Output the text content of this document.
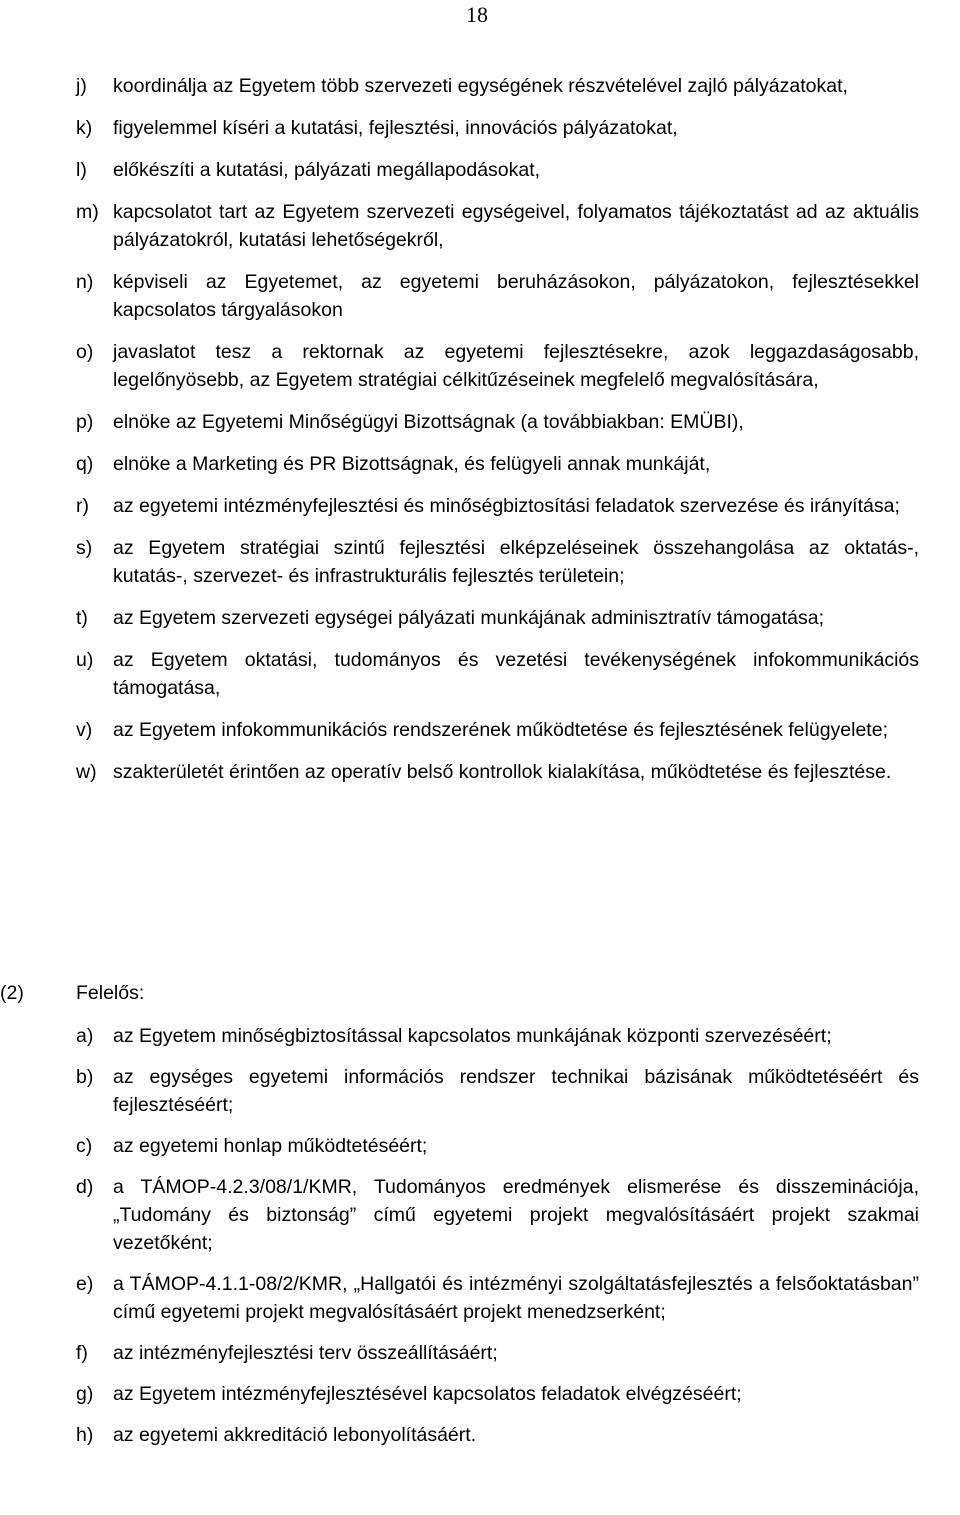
18
j) koordinálja az Egyetem több szervezeti egységének részvételével zajló pályázatokat,
k) figyelemmel kíséri a kutatási, fejlesztési, innovációs pályázatokat,
l) előkészíti a kutatási, pályázati megállapodásokat,
m) kapcsolatot tart az Egyetem szervezeti egységeivel, folyamatos tájékoztatást ad az aktuális pályázatokról, kutatási lehetőségekről,
n) képviseli az Egyetemet, az egyetemi beruházásokon, pályázatokon, fejlesztésekkel kapcsolatos tárgyalásokon
o) javaslatot tesz a rektornak az egyetemi fejlesztésekre, azok leggazdaságosabb, legelőnyösebb, az Egyetem stratégiai célkitűzéseinek megfelelő megvalósítására,
p) elnöke az Egyetemi Minőségügyi Bizottságnak (a továbbiakban: EMÜBI),
q) elnöke a Marketing és PR Bizottságnak, és felügyeli annak munkáját,
r) az egyetemi intézményfejlesztési és minőségbiztosítási feladatok szervezése és irányítása;
s) az Egyetem stratégiai szintű fejlesztési elképzeléseinek összehangolása az oktatás-, kutatás-, szervezet- és infrastrukturális fejlesztés területein;
t) az Egyetem szervezeti egységei pályázati munkájának adminisztratív támogatása;
u) az Egyetem oktatási, tudományos és vezetési tevékenységének infokommunikációs támogatása,
v) az Egyetem infokommunikációs rendszerének működtetése és fejlesztésének felügyelete;
w) szakterületét érintően az operatív belső kontrollok kialakítása, működtetése és fejlesztése.
(2)	Felelős:
a) az Egyetem minőségbiztosítással kapcsolatos munkájának központi szervezéséért;
b) az egységes egyetemi információs rendszer technikai bázisának működtetéséért és fejlesztéséért;
c) az egyetemi honlap működtetéséért;
d) a TÁMOP-4.2.3/08/1/KMR, Tudományos eredmények elismerése és disszeminációja, „Tudomány és biztonság” című egyetemi projekt megvalósításáért projekt szakmai vezetőként;
e) a TÁMOP-4.1.1-08/2/KMR, „Hallgatói és intézményi szolgáltatásfejlesztés a felsőoktatásban” című egyetemi projekt megvalósításáért projekt menedzserként;
f) az intézményfejlesztési terv összeállításáért;
g) az Egyetem intézményfejlesztésével kapcsolatos feladatok elvégzéséért;
h) az egyetemi akkreditáció lebonyolításáért.
